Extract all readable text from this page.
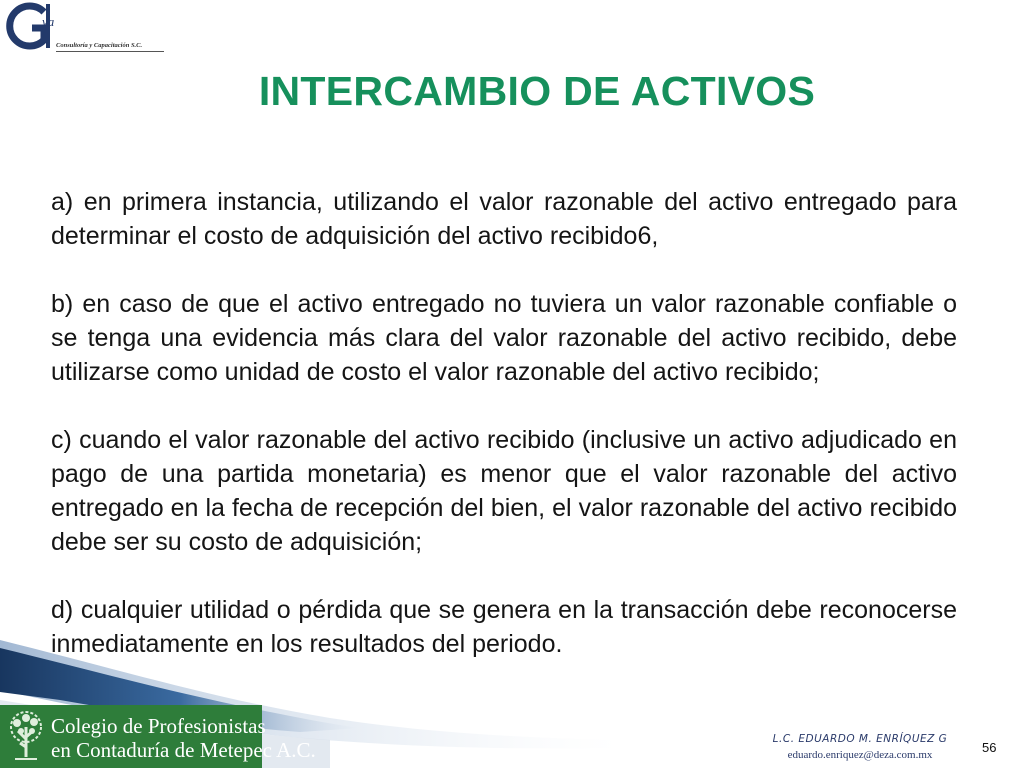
va
Consultoría y Capacitación S.C.
INTERCAMBIO DE ACTIVOS

a) en primera instancia, utilizando el valor razonable del activo entregado para determinar el costo de adquisición del activo recibido6,

b) en caso de que el activo entregado no tuviera un valor razonable confiable o se tenga una evidencia más clara del valor razonable del activo recibido, debe utilizarse como unidad de costo el valor razonable del activo recibido;

c) cuando el valor razonable del activo recibido (inclusive un activo adjudicado en pago de una partida monetaria) es menor que el valor razonable del activo entregado en la fecha de recepción del bien, el valor razonable del activo recibido debe ser su costo de adquisición;

d) cualquier utilidad o pérdida que se genera en la transacción debe reconocerse inmediatamente en los resultados del periodo.

Colegio de Profesionistas
en Contaduría de Metepec A.C.	L.C. EDUARDO M. ENRÍQUEZ G
eduardo.enriquez@deza.com.mx	56
